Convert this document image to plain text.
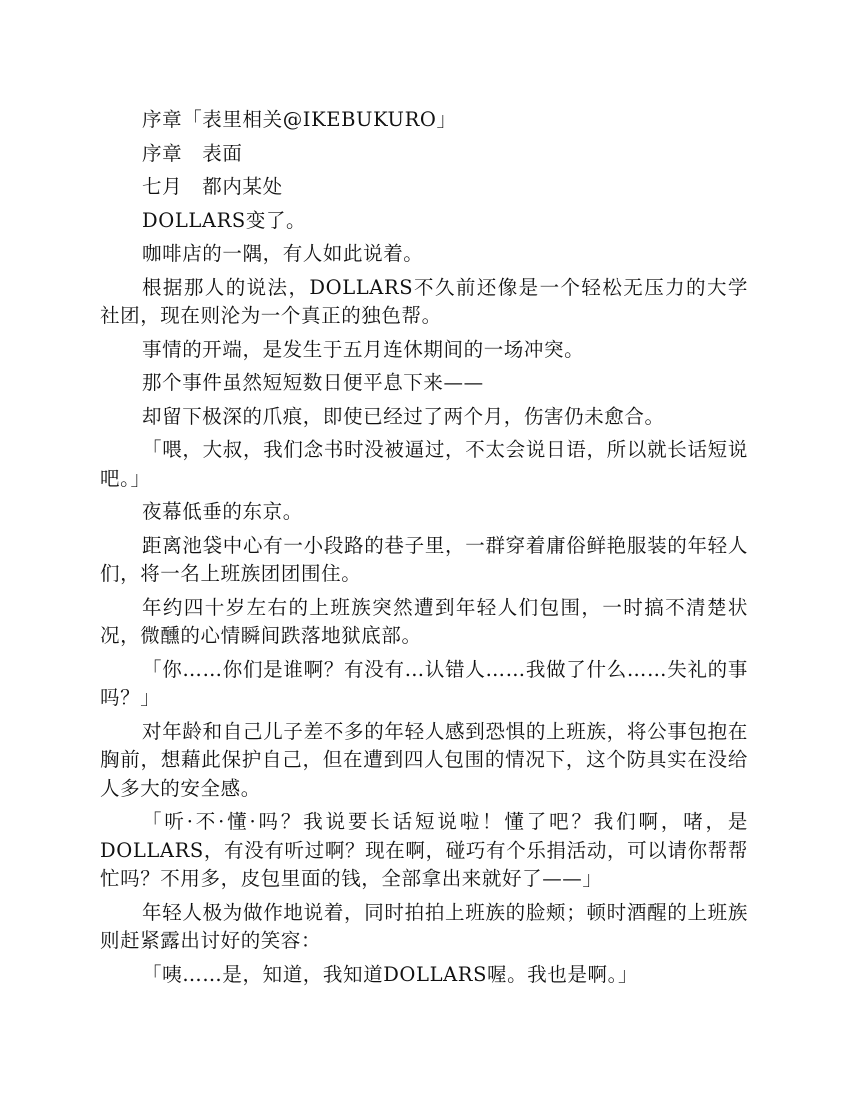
序章「表里相关@IKEBUKURO」

序章　表面

七月　都内某处

DOLLARS变了。

咖啡店的一隅，有人如此说着。

根据那人的说法，DOLLARS不久前还像是一个轻松无压力的大学社团，现在则沦为一个真正的独色帮。

事情的开端，是发生于五月连休期间的一场冲突。

那个事件虽然短短数日便平息下来——

却留下极深的爪痕，即使已经过了两个月，伤害仍未愈合。

「喂，大叔，我们念书时没被逼过，不太会说日语，所以就长话短说吧。」

夜幕低垂的东京。

距离池袋中心有一小段路的巷子里，一群穿着庸俗鲜艳服装的年轻人们，将一名上班族团团围住。

年约四十岁左右的上班族突然遭到年轻人们包围，一时搞不清楚状况，微醺的心情瞬间跌落地狱底部。

「你……你们是谁啊？有没有…认错人……我做了什么……失礼的事吗？」

对年龄和自己儿子差不多的年轻人感到恐惧的上班族，将公事包抱在胸前，想藉此保护自己，但在遭到四人包围的情况下，这个防具实在没给人多大的安全感。

「听·不·懂·吗？我说要长话短说啦！懂了吧？我们啊，啫，是DOLLARS，有没有听过啊？现在啊，碰巧有个乐捐活动，可以请你帮帮忙吗？不用多，皮包里面的钱，全部拿出来就好了——」

年轻人极为做作地说着，同时拍拍上班族的脸颊；顿时酒醒的上班族则赶紧露出讨好的笑容：

「咦……是，知道，我知道DOLLARS喔。我也是啊。」
